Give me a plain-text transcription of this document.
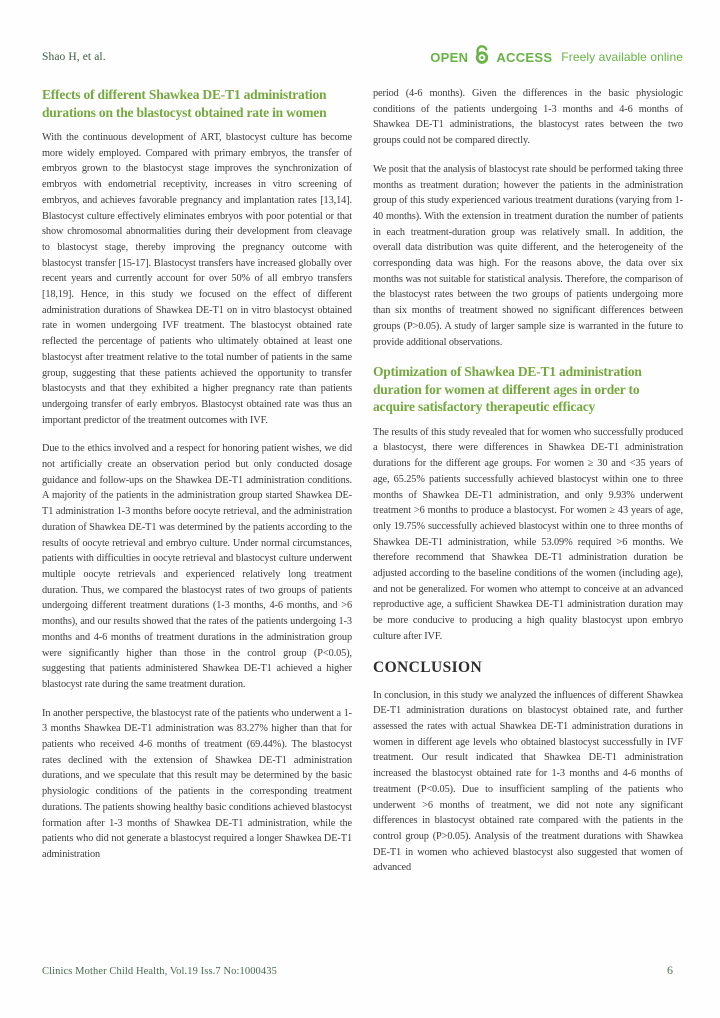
Shao H, et al.	OPEN ACCESS Freely available online
Effects of different Shawkea DE-T1 administration durations on the blastocyst obtained rate in women

With the continuous development of ART, blastocyst culture has become more widely employed. Compared with primary embryos, the transfer of embryos grown to the blastocyst stage improves the synchronization of embryos with endometrial receptivity, increases in vitro screening of embryos, and achieves favorable pregnancy and implantation rates [13,14]. Blastocyst culture effectively eliminates embryos with poor potential or that show chromosomal abnormalities during their development from cleavage to blastocyst stage, thereby improving the pregnancy outcome with blastocyst transfer [15-17]. Blastocyst transfers have increased globally over recent years and currently account for over 50% of all embryo transfers [18,19]. Hence, in this study we focused on the effect of different administration durations of Shawkea DE-T1 on in vitro blastocyst obtained rate in women undergoing IVF treatment. The blastocyst obtained rate reflected the percentage of patients who ultimately obtained at least one blastocyst after treatment relative to the total number of patients in the same group, suggesting that these patients achieved the opportunity to transfer blastocysts and that they exhibited a higher pregnancy rate than patients undergoing transfer of early embryos. Blastocyst obtained rate was thus an important predictor of the treatment outcomes with IVF.

Due to the ethics involved and a respect for honoring patient wishes, we did not artificially create an observation period but only conducted dosage guidance and follow-ups on the Shawkea DE-T1 administration conditions. A majority of the patients in the administration group started Shawkea DE-T1 administration 1-3 months before oocyte retrieval, and the administration duration of Shawkea DE-T1 was determined by the patients according to the results of oocyte retrieval and embryo culture. Under normal circumstances, patients with difficulties in oocyte retrieval and blastocyst culture underwent multiple oocyte retrievals and experienced relatively long treatment duration. Thus, we compared the blastocyst rates of two groups of patients undergoing different treatment durations (1-3 months, 4-6 months, and >6 months), and our results showed that the rates of the patients undergoing 1-3 months and 4-6 months of treatment durations in the administration group were significantly higher than those in the control group (P<0.05), suggesting that patients administered Shawkea DE-T1 achieved a higher blastocyst rate during the same treatment duration.

In another perspective, the blastocyst rate of the patients who underwent a 1-3 months Shawkea DE-T1 administration was 83.27% higher than that for patients who received 4-6 months of treatment (69.44%). The blastocyst rates declined with the extension of Shawkea DE-T1 administration durations, and we speculate that this result may be determined by the basic physiologic conditions of the patients in the corresponding treatment durations. The patients showing healthy basic conditions achieved blastocyst formation after 1-3 months of Shawkea DE-T1 administration, while the patients who did not generate a blastocyst required a longer Shawkea DE-T1 administration

period (4-6 months). Given the differences in the basic physiologic conditions of the patients undergoing 1-3 months and 4-6 months of Shawkea DE-T1 administrations, the blastocyst rates between the two groups could not be compared directly.

We posit that the analysis of blastocyst rate should be performed taking three months as treatment duration; however the patients in the administration group of this study experienced various treatment durations (varying from 1-40 months). With the extension in treatment duration the number of patients in each treatment-duration group was relatively small. In addition, the overall data distribution was quite different, and the heterogeneity of the corresponding data was high. For the reasons above, the data over six months was not suitable for statistical analysis. Therefore, the comparison of the blastocyst rates between the two groups of patients undergoing more than six months of treatment showed no significant differences between groups (P>0.05). A study of larger sample size is warranted in the future to provide additional observations.

Optimization of Shawkea DE-T1 administration duration for women at different ages in order to acquire satisfactory therapeutic efficacy

The results of this study revealed that for women who successfully produced a blastocyst, there were differences in Shawkea DE-T1 administration durations for the different age groups. For women ≥ 30 and <35 years of age, 65.25% patients successfully achieved blastocyst within one to three months of Shawkea DE-T1 administration, and only 9.93% underwent treatment >6 months to produce a blastocyst. For women ≥ 43 years of age, only 19.75% successfully achieved blastocyst within one to three months of Shawkea DE-T1 administration, while 53.09% required >6 months. We therefore recommend that Shawkea DE-T1 administration duration be adjusted according to the baseline conditions of the women (including age), and not be generalized. For women who attempt to conceive at an advanced reproductive age, a sufficient Shawkea DE-T1 administration duration may be more conducive to producing a high quality blastocyst upon embryo culture after IVF.

CONCLUSION

In conclusion, in this study we analyzed the influences of different Shawkea DE-T1 administration durations on blastocyst obtained rate, and further assessed the rates with actual Shawkea DE-T1 administration durations in women in different age levels who obtained blastocyst successfully in IVF treatment. Our result indicated that Shawkea DE-T1 administration increased the blastocyst obtained rate for 1-3 months and 4-6 months of treatment (P<0.05). Due to insufficient sampling of the patients who underwent >6 months of treatment, we did not note any significant differences in blastocyst obtained rate compared with the patients in the control group (P>0.05). Analysis of the treatment durations with Shawkea DE-T1 in women who achieved blastocyst also suggested that women of advanced

Clinics Mother Child Health, Vol.19 Iss.7 No:1000435	6
